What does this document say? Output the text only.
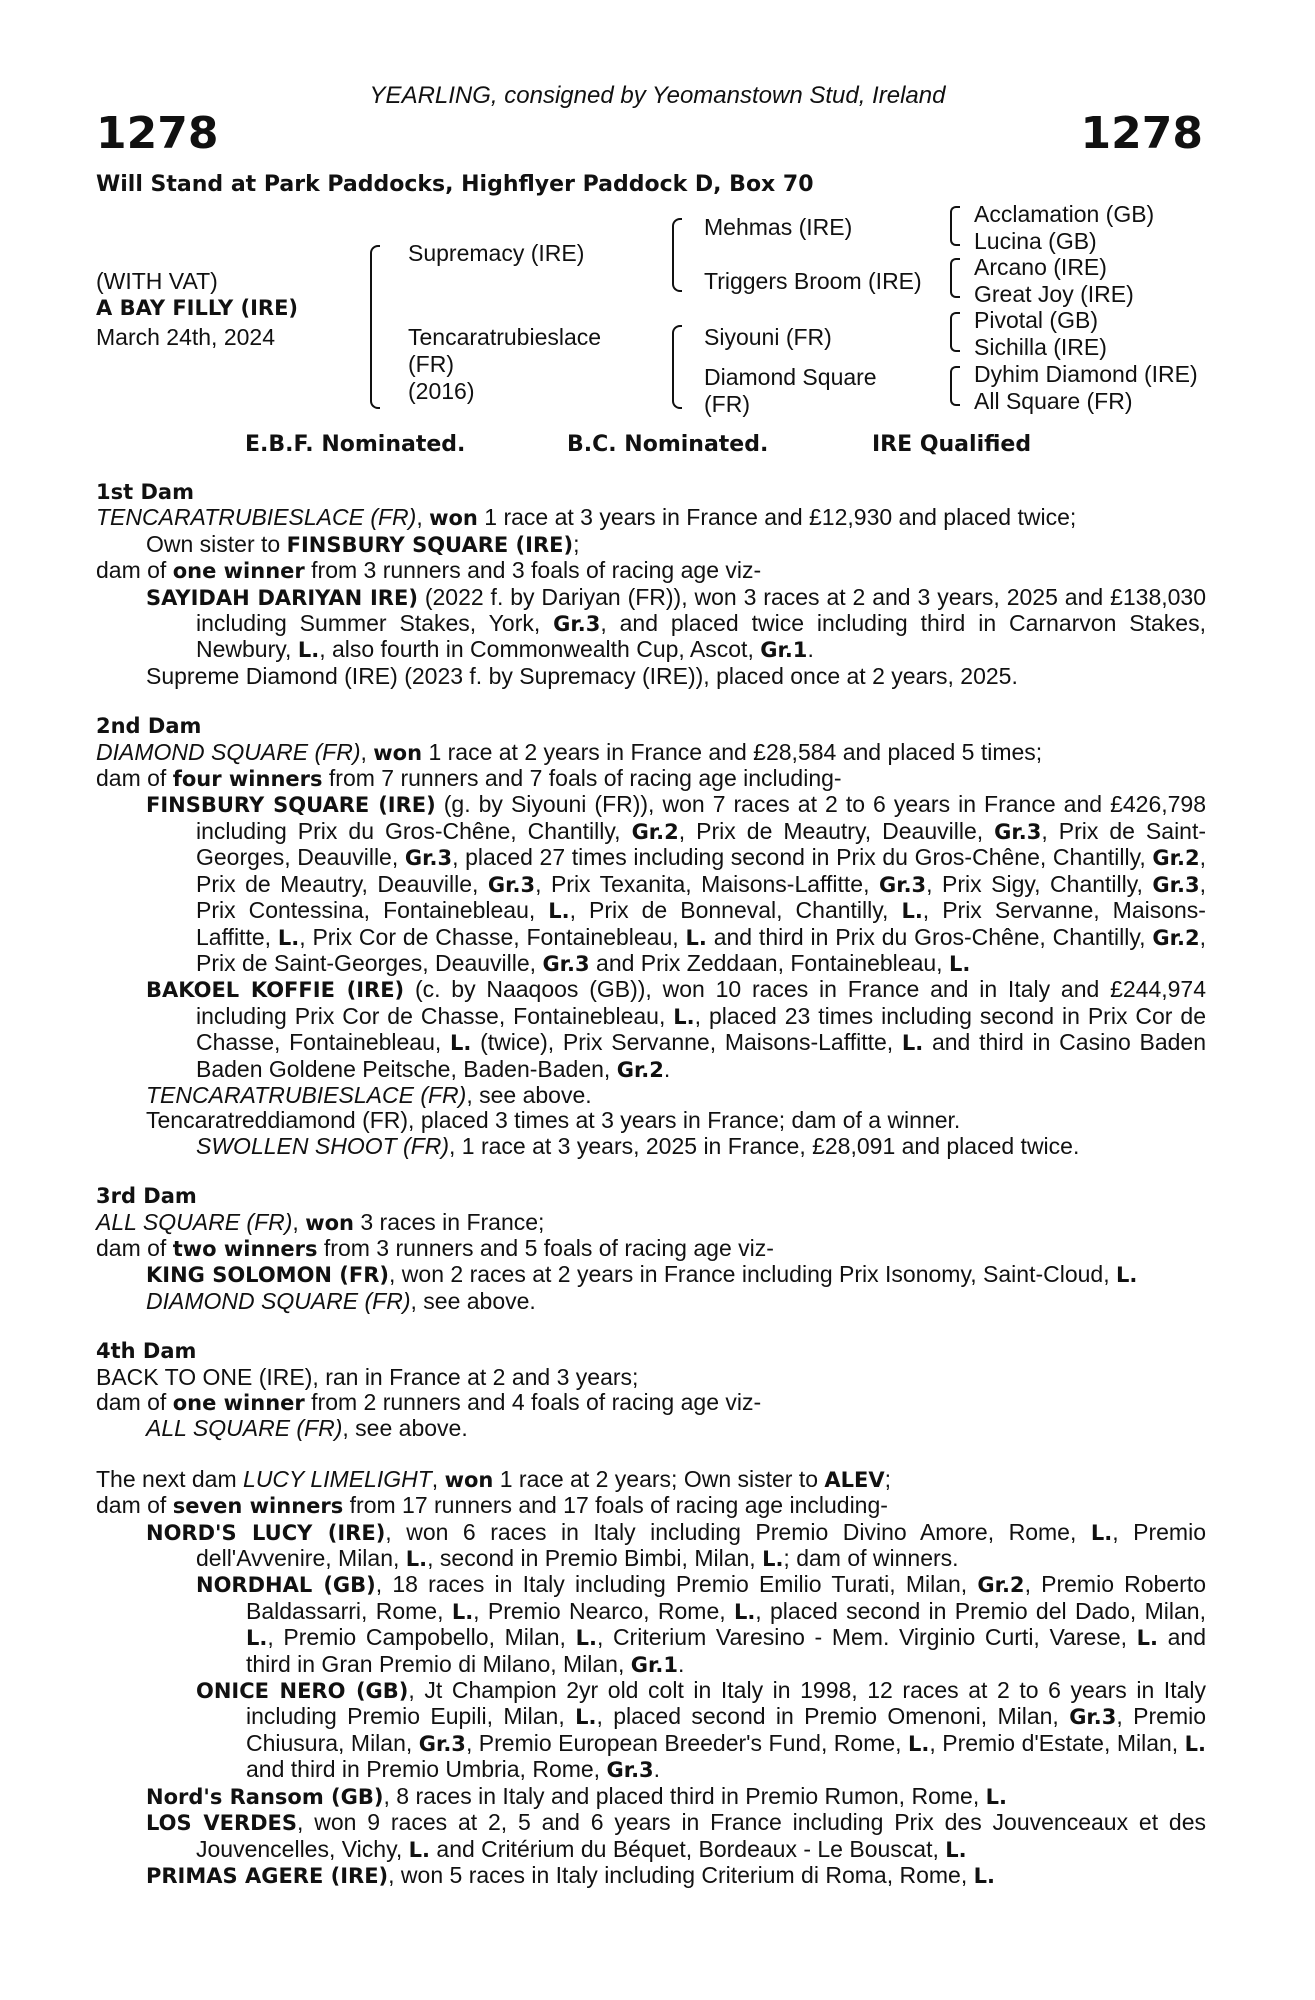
1278
YEARLING, consigned by Yeomanstown Stud, Ireland
1278
Will Stand at Park Paddocks, Highflyer Paddock D, Box 70
(WITH VAT)
A BAY FILLY (IRE)
March 24th, 2024
Supremacy (IRE)
Tencaratrubieslace
(FR)
(2016)
Mehmas (IRE)
Triggers Broom (IRE)
Siyouni (FR)
Diamond Square
(FR)
Acclamation (GB)
Lucina (GB)
Arcano (IRE)
Great Joy (IRE)
Pivotal (GB)
Sichilla (IRE)
Dyhim Diamond (IRE)
All Square (FR)
E.B.F. Nominated.	B.C. Nominated.	IRE Qualified
1st Dam
TENCARATRUBIESLACE (FR), won 1 race at 3 years in France and £12,930 and placed twice;
Own sister to FINSBURY SQUARE (IRE);
dam of one winner from 3 runners and 3 foals of racing age viz-
SAYIDAH DARIYAN IRE) (2022 f. by Dariyan (FR)), won 3 races at 2 and 3 years, 2025 and £138,030 including Summer Stakes, York, Gr.3, and placed twice including third in Carnarvon Stakes, Newbury, L., also fourth in Commonwealth Cup, Ascot, Gr.1.
Supreme Diamond (IRE) (2023 f. by Supremacy (IRE)), placed once at 2 years, 2025.
2nd Dam
DIAMOND SQUARE (FR), won 1 race at 2 years in France and £28,584 and placed 5 times;
dam of four winners from 7 runners and 7 foals of racing age including-
FINSBURY SQUARE (IRE) (g. by Siyouni (FR)), won 7 races at 2 to 6 years in France and £426,798 including Prix du Gros-Chêne, Chantilly, Gr.2, Prix de Meautry, Deauville, Gr.3, Prix de Saint-Georges, Deauville, Gr.3, placed 27 times including second in Prix du Gros-Chêne, Chantilly, Gr.2, Prix de Meautry, Deauville, Gr.3, Prix Texanita, Maisons-Laffitte, Gr.3, Prix Sigy, Chantilly, Gr.3, Prix Contessina, Fontainebleau, L., Prix de Bonneval, Chantilly, L., Prix Servanne, Maisons-Laffitte, L., Prix Cor de Chasse, Fontainebleau, L. and third in Prix du Gros-Chêne, Chantilly, Gr.2, Prix de Saint-Georges, Deauville, Gr.3 and Prix Zeddaan, Fontainebleau, L.
BAKOEL KOFFIE (IRE) (c. by Naaqoos (GB)), won 10 races in France and in Italy and £244,974 including Prix Cor de Chasse, Fontainebleau, L., placed 23 times including second in Prix Cor de Chasse, Fontainebleau, L. (twice), Prix Servanne, Maisons-Laffitte, L. and third in Casino Baden Baden Goldene Peitsche, Baden-Baden, Gr.2.
TENCARATRUBIESLACE (FR), see above.
Tencaratreddiamond (FR), placed 3 times at 3 years in France; dam of a winner.
SWOLLEN SHOOT (FR), 1 race at 3 years, 2025 in France, £28,091 and placed twice.
3rd Dam
ALL SQUARE (FR), won 3 races in France;
dam of two winners from 3 runners and 5 foals of racing age viz-
KING SOLOMON (FR), won 2 races at 2 years in France including Prix Isonomy, Saint-Cloud, L.
DIAMOND SQUARE (FR), see above.
4th Dam
BACK TO ONE (IRE), ran in France at 2 and 3 years;
dam of one winner from 2 runners and 4 foals of racing age viz-
ALL SQUARE (FR), see above.
The next dam LUCY LIMELIGHT, won 1 race at 2 years; Own sister to ALEV;
dam of seven winners from 17 runners and 17 foals of racing age including-
NORD'S LUCY (IRE), won 6 races in Italy including Premio Divino Amore, Rome, L., Premio dell'Avvenire, Milan, L., second in Premio Bimbi, Milan, L.; dam of winners.
NORDHAL (GB), 18 races in Italy including Premio Emilio Turati, Milan, Gr.2, Premio Roberto Baldassarri, Rome, L., Premio Nearco, Rome, L., placed second in Premio del Dado, Milan, L., Premio Campobello, Milan, L., Criterium Varesino - Mem. Virginio Curti, Varese, L. and third in Gran Premio di Milano, Milan, Gr.1.
ONICE NERO (GB), Jt Champion 2yr old colt in Italy in 1998, 12 races at 2 to 6 years in Italy including Premio Eupili, Milan, L., placed second in Premio Omenoni, Milan, Gr.3, Premio Chiusura, Milan, Gr.3, Premio European Breeder's Fund, Rome, L., Premio d'Estate, Milan, L. and third in Premio Umbria, Rome, Gr.3.
Nord's Ransom (GB), 8 races in Italy and placed third in Premio Rumon, Rome, L.
LOS VERDES, won 9 races at 2, 5 and 6 years in France including Prix des Jouvenceaux et des Jouvencelles, Vichy, L. and Critérium du Béquet, Bordeaux - Le Bouscat, L.
PRIMAS AGERE (IRE), won 5 races in Italy including Criterium di Roma, Rome, L.
